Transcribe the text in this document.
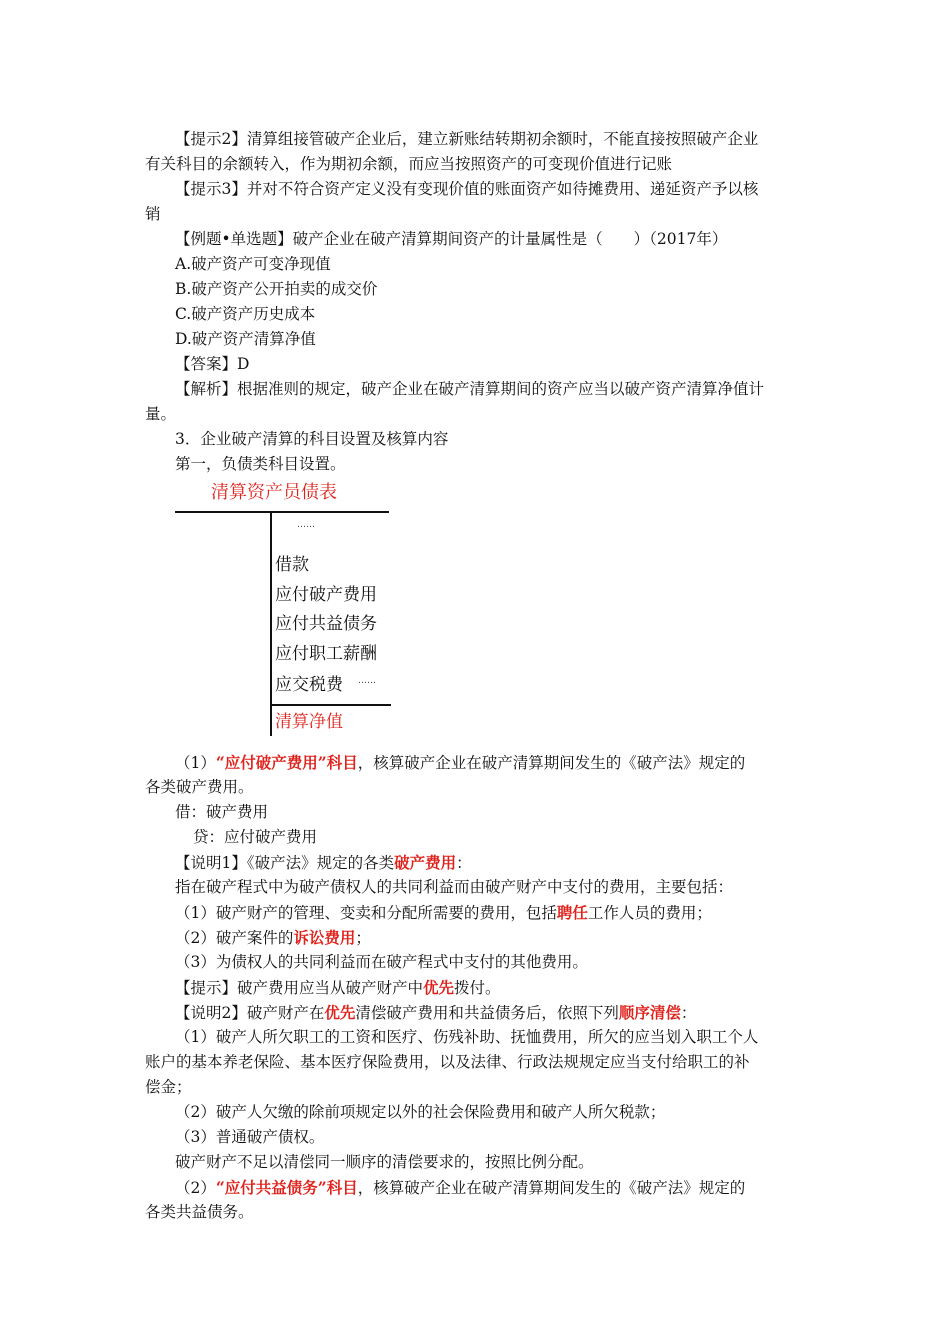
【提示2】清算组接管破产企业后，建立新账结转期初余额时，不能直接按照破产企业
有关科目的余额转入，作为期初余额，而应当按照资产的可变现价值进行记账
【提示3】并对不符合资产定义没有变现价值的账面资产如待摊费用、递延资产予以核
销
【例题•单选题】破产企业在破产清算期间资产的计量属性是（　　）（2017年）
A.破产资产可变净现值
B.破产资产公开拍卖的成交价
C.破产资产历史成本
D.破产资产清算净值
【答案】D
【解析】根据准则的规定，破产企业在破产清算期间的资产应当以破产资产清算净值计
量。
3．企业破产清算的科目设置及核算内容
第一，负债类科目设置。
清算资产员债表
……
借款
应付破产费用
应付共益债务
应付职工薪酬
应交税费 ……
清算净值
（1）“应付破产费用”科目，核算破产企业在破产清算期间发生的《破产法》规定的
各类破产费用。
借：破产费用
贷：应付破产费用
【说明1】《破产法》规定的各类破产费用：
指在破产程式中为破产债权人的共同利益而由破产财产中支付的费用，主要包括：
（1）破产财产的管理、变卖和分配所需要的费用，包括聘任工作人员的费用；
（2）破产案件的诉讼费用；
（3）为债权人的共同利益而在破产程式中支付的其他费用。
【提示】破产费用应当从破产财产中优先拨付。
【说明2】破产财产在优先清偿破产费用和共益债务后，依照下列顺序清偿：
（1）破产人所欠职工的工资和医疗、伤残补助、抚恤费用，所欠的应当划入职工个人
账户的基本养老保险、基本医疗保险费用，以及法律、行政法规规定应当支付给职工的补
偿金；
（2）破产人欠缴的除前项规定以外的社会保险费用和破产人所欠税款；
（3）普通破产债权。
破产财产不足以清偿同一顺序的清偿要求的，按照比例分配。
（2）“应付共益债务”科目，核算破产企业在破产清算期间发生的《破产法》规定的
各类共益债务。
